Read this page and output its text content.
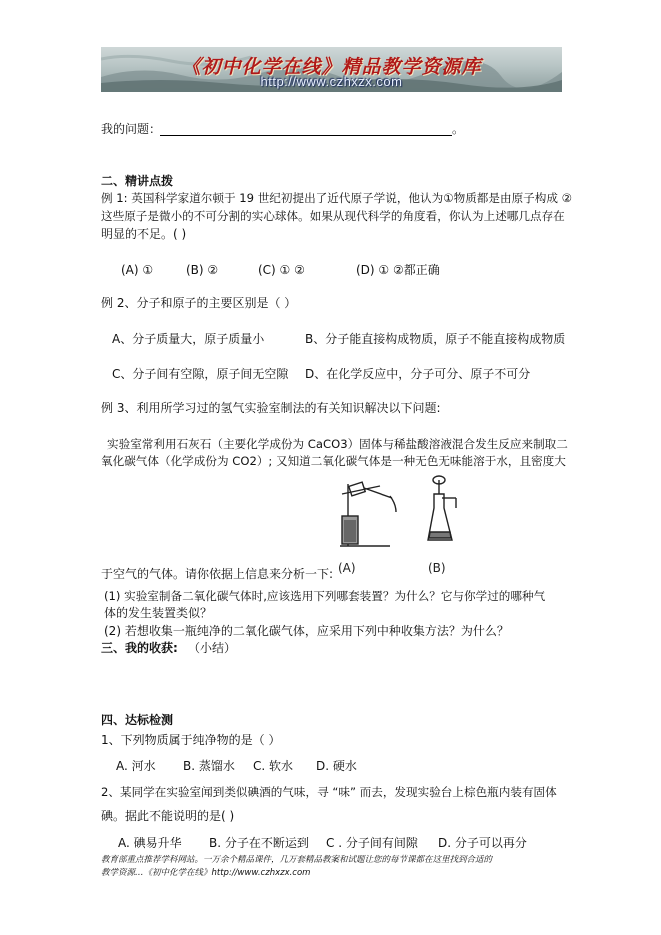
《初中化学在线》精品教学资源库
http://www.czhxzx.com
我的问题：	。
二、精讲点拨
例 1: 英国科学家道尔顿于 19 世纪初提出了近代原子学说，他认为①物质都是由原子构成 ②
这些原子是微小的不可分割的实心球体。如果从现代科学的角度看，你认为上述哪几点存在
明显的不足。( )
(A) ①	(B) ②	(C) ① ②	(D) ① ②都正确
例 2、分子和原子的主要区别是（ ）
A、分子质量大，原子质量小	B、分子能直接构成物质，原子不能直接构成物质
C、分子间有空隙，原子间无空隙 D、在化学反应中，分子可分、原子不可分
例 3、利用所学习过的氢气实验室制法的有关知识解决以下问题:
实验室常利用石灰石（主要化学成份为 CaCO3）固体与稀盐酸溶液混合发生反应来制取二
氧化碳气体（化学成份为 CO2）; 又知道二氧化碳气体是一种无色无味能溶于水，且密度大
(A)	(B)
于空气的气体。请你依据上信息来分析一下:
(1) 实验室制备二氧化碳气体时,应该选用下列哪套装置？为什么？它与你学过的哪种气
体的发生装置类似？
(2) 若想收集一瓶纯净的二氧化碳气体，应采用下列中种收集方法？为什么？
三、我的收获: （小结）
四、达标检测
1、下列物质属于纯净物的是（ ）
A. 河水 B. 蒸馏水 C. 软水 D. 硬水
2、某同学在实验室闻到类似碘酒的气味，寻 “味” 而去，发现实验台上棕色瓶内装有固体
碘。据此不能说明的是( )
A. 碘易升华 B. 分子在不断运到 C . 分子间有间隙 D. 分子可以再分
教育部重点推荐学科网站。一万余个精品课件，几万套精品教案和试题让您的每节课都在这里找到合适的
教学资源…《初中化学在线》http://www.czhxzx.com
